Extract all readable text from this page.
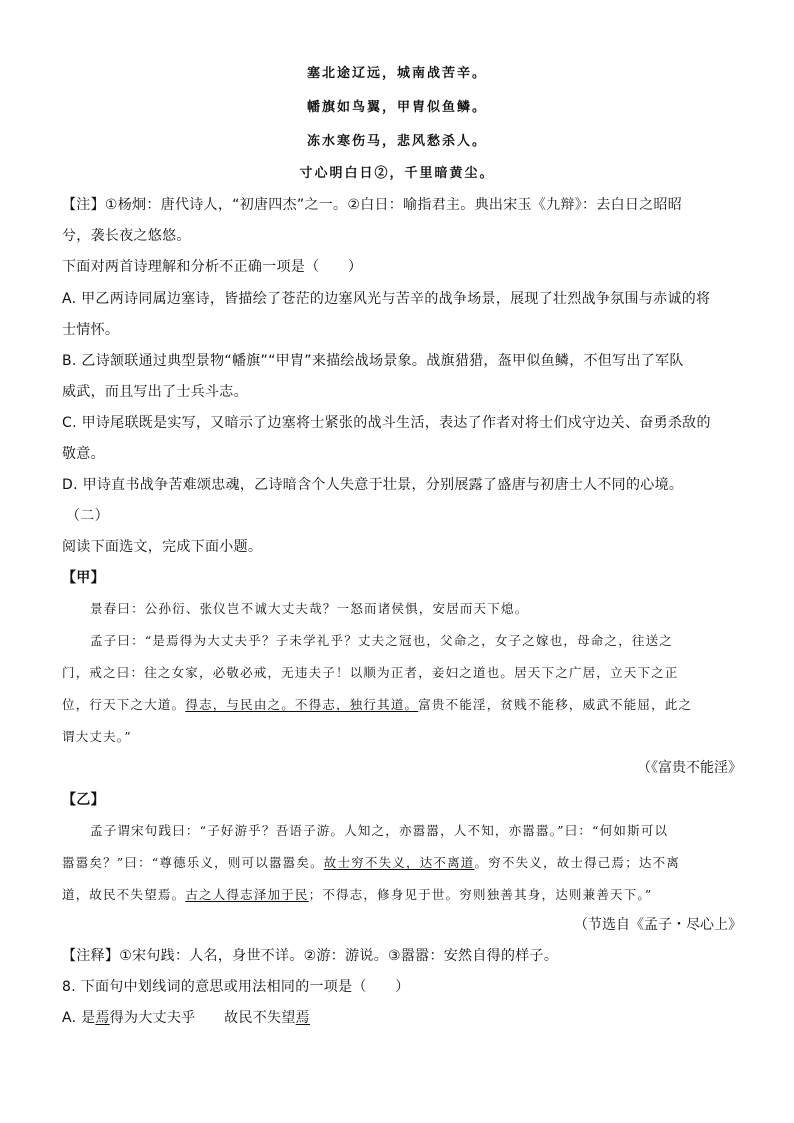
塞北途辽远，城南战苦辛。
幡旗如鸟翼，甲胄似鱼鳞。
冻水寒伤马，悲风愁杀人。
寸心明白日②，千里暗黄尘。
【注】①杨炯：唐代诗人，“初唐四杰”之一。②白日：喻指君主。典出宋玉《九辩》：去白日之昭昭
兮，袭长夜之悠悠。
下面对两首诗理解和分析不正确一项是（　　）
A. 甲乙两诗同属边塞诗，皆描绘了苍茫的边塞风光与苦辛的战争场景，展现了壮烈战争氛围与赤诚的将
士情怀。
B. 乙诗颔联通过典型景物“幡旗”“甲胄”来描绘战场景象。战旗猎猎，盔甲似鱼鳞，不但写出了军队
威武，而且写出了士兵斗志。
C. 甲诗尾联既是实写，又暗示了边塞将士紧张的战斗生活，表达了作者对将士们戍守边关、奋勇杀敌的
敬意。
D. 甲诗直书战争苦难颂忠魂，乙诗暗含个人失意于壮景，分别展露了盛唐与初唐士人不同的心境。
（二）
阅读下面选文，完成下面小题。
【甲】
景春曰：公孙衍、张仪岂不诚大丈夫哉？一怒而诸侯惧，安居而天下熄。
孟子曰：“是焉得为大丈夫乎？子未学礼乎？丈夫之冠也，父命之，女子之嫁也，母命之，往送之
门，戒之曰：往之女家，必敬必戒，无违夫子！以顺为正者，妾妇之道也。居天下之广居，立天下之正
位，行天下之大道。得志，与民由之。不得志，独行其道。富贵不能淫，贫贱不能移，威武不能屈，此之
谓大丈夫。”
（《富贵不能淫》
【乙】
孟子谓宋句践曰：“子好游乎？吾语子游。人知之，亦嚣嚣，人不知，亦嚣嚣。”曰：“何如斯可以
嚣嚣矣？”曰：“尊德乐义，则可以嚣嚣矣。故士穷不失义，达不离道。穷不失义，故士得己焉；达不离
道，故民不失望焉。古之人得志泽加于民；不得志，修身见于世。穷则独善其身，达则兼善天下。”
（节选自《孟子・尽心上》
【注释】①宋句践：人名，身世不详。②游：游说。③嚣嚣：安然自得的样子。
8. 下面句中划线词的意思或用法相同的一项是（　　）
A. 是焉得为大丈夫乎　　故民不失望焉
